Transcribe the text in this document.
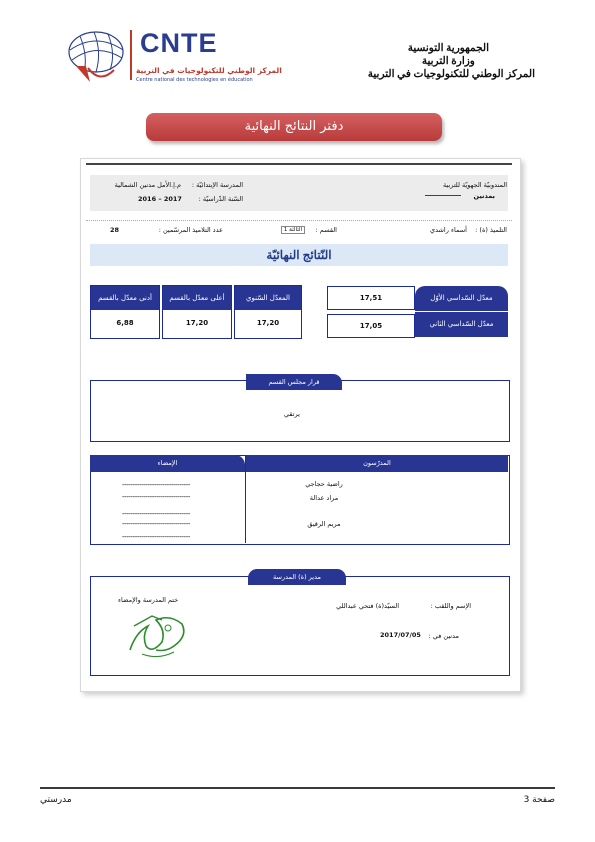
CNTE
المركز الوطني للتكنولوجيات في التربية
Centre national des technologies en éducation
الجمهورية التونسية
وزارة التربية
المركز الوطني للتكنولوجيات في التربية
دفتر النتائج النهائية
المندوبيّة الجهويّة للتربية
بمدنين
المدرسة الإبتدائيّة :
م.إ.الأمل مدنين الشمالية
السّنة الدّراسيّة :
2016 – 2017
التلميذ (ة) :
أسماء راشدي
القسم :
الثالثة 1
عدد التلاميذ المرسّمين :
28
النّتائج النهائيّة
17,51
17,05
معدّل السّداسي الأوّل
معدّل السّداسي الثاني
المعدّل السّنوي
17,20
أعلى معدّل بالقسم
17,20
أدنى معدّل بالقسم
6,88
قرار مجلس القسم
يرتقي
المدرّسون
الإمضاء
راضية حجاجي
مراد عدالة
مريم الرقيق
--------------------------------
--------------------------------
--------------------------------
--------------------------------
--------------------------------
مدير (ة) المدرسة
الإسم واللقب :
السيّد(ة) فتحي عبداللي
مدنين في :
2017/07/05
ختم المدرسة والإمضاء
صفحة 3
مدرستي
